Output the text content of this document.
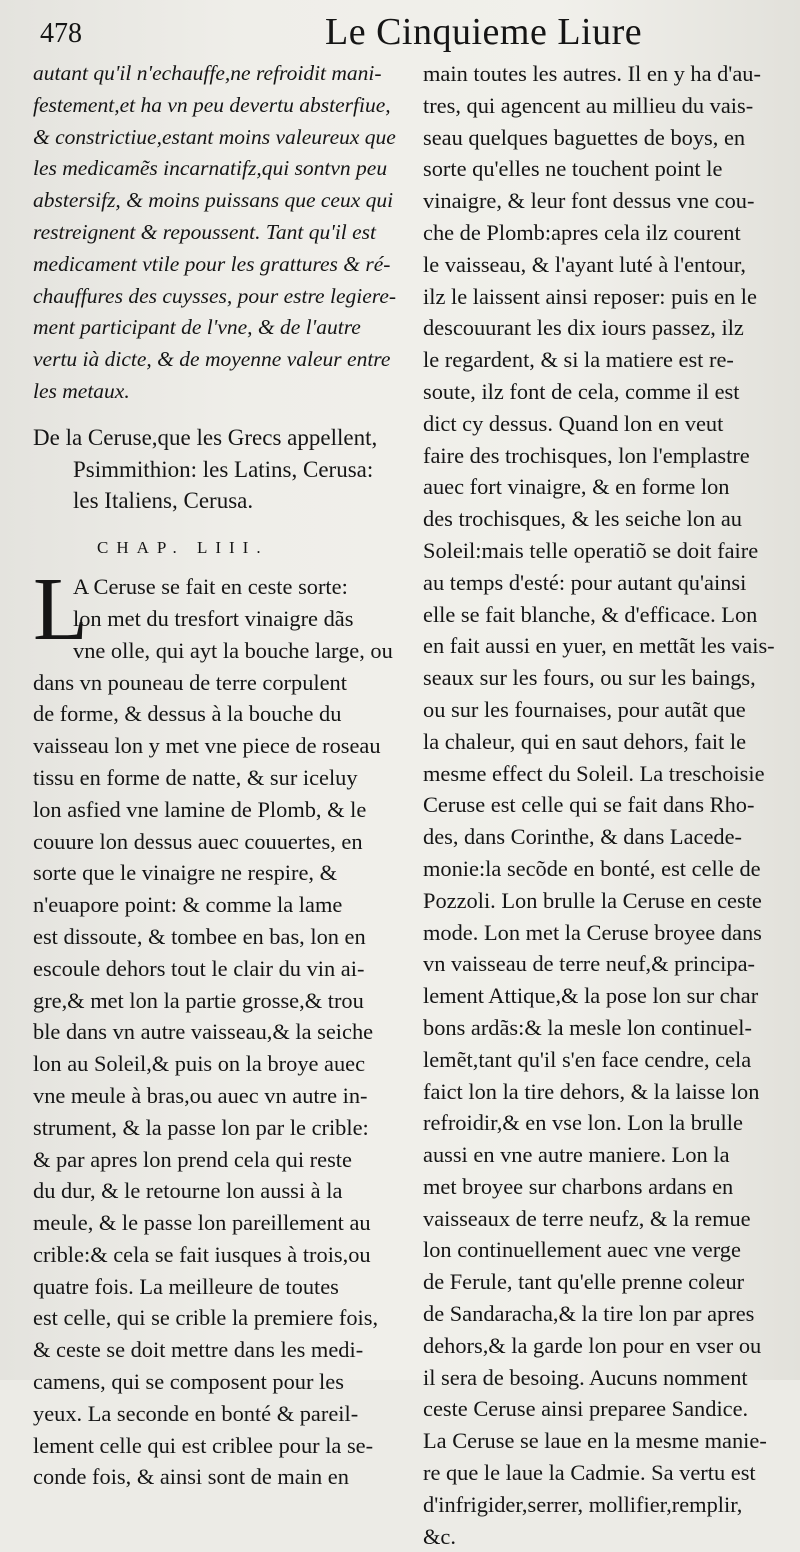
478	Le Cinquieme Liure
autant qu'il n'echauffe,ne refroidit mani-
festement,et ha vn peu devertu absterfiue,
& constrictiue,estant moins valeureux que
les medicamẽs incarnatifz,qui sontvn peu
abstersifz, & moins puissans que ceux qui
restreignent & repoussent. Tant qu'il est
medicament vtile pour les grattures & ré-
chauffures des cuysses, pour estre legiere-
ment participant de l'vne, & de l'autre
vertu ià dicte, & de moyenne valeur entre
les metaux.
De la Ceruse,que les Grecs appellent,
Psimmithion: les Latins, Cerusa:
les Italiens, Cerusa.
CHAP. LIII.
L
A Ceruse se fait en ceste sorte:
lon met du tresfort vinaigre dãs
vne olle, qui ayt la bouche large, ou
dans vn pouneau de terre corpulent
de forme, & dessus à la bouche du
vaisseau lon y met vne piece de roseau
tissu en forme de natte, & sur iceluy
lon asfied vne lamine de Plomb, & le
couure lon dessus auec couuertes, en
sorte que le vinaigre ne respire, &
n'euapore point: & comme la lame
est dissoute, & tombee en bas, lon en
escoule dehors tout le clair du vin ai-
gre,& met lon la partie grosse,& trou
ble dans vn autre vaisseau,& la seiche
lon au Soleil,& puis on la broye auec
vne meule à bras,ou auec vn autre in-
strument, & la passe lon par le crible:
& par apres lon prend cela qui reste
du dur, & le retourne lon aussi à la
meule, & le passe lon pareillement au
crible:& cela se fait iusques à trois,ou
quatre fois. La meilleure de toutes
est celle, qui se crible la premiere fois,
& ceste se doit mettre dans les medi-
camens, qui se composent pour les
yeux. La seconde en bonté & pareil-
lement celle qui est criblee pour la se-
conde fois, & ainsi sont de main en
main toutes les autres. Il en y ha d'au-
tres, qui agencent au millieu du vais-
seau quelques baguettes de boys, en
sorte qu'elles ne touchent point le
vinaigre, & leur font dessus vne cou-
che de Plomb:apres cela ilz courent
le vaisseau, & l'ayant luté à l'entour,
ilz le laissent ainsi reposer: puis en le
descouurant les dix iours passez, ilz
le regardent, & si la matiere est re-
soute, ilz font de cela, comme il est
dict cy dessus. Quand lon en veut
faire des trochisques, lon l'emplastre
auec fort vinaigre, & en forme lon
des trochisques, & les seiche lon au
Soleil:mais telle operatiõ se doit faire
au temps d'esté: pour autant qu'ainsi
elle se fait blanche, & d'efficace. Lon
en fait aussi en yuer, en mettãt les vais-
seaux sur les fours, ou sur les baings,
ou sur les fournaises, pour autãt que
la chaleur, qui en saut dehors, fait le
mesme effect du Soleil. La treschoisie
Ceruse est celle qui se fait dans Rho-
des, dans Corinthe, & dans Lacede-
monie:la secõde en bonté, est celle de
Pozzoli. Lon brulle la Ceruse en ceste
mode. Lon met la Ceruse broyee dans
vn vaisseau de terre neuf,& principa-
lement Attique,& la pose lon sur char
bons ardãs:& la mesle lon continuel-
lemẽt,tant qu'il s'en face cendre, cela
faict lon la tire dehors, & la laisse lon
refroidir,& en vse lon. Lon la brulle
aussi en vne autre maniere. Lon la
met broyee sur charbons ardans en
vaisseaux de terre neufz, & la remue
lon continuellement auec vne verge
de Ferule, tant qu'elle prenne coleur
de Sandaracha,& la tire lon par apres
dehors,& la garde lon pour en vser ou
il sera de besoing. Aucuns nomment
ceste Ceruse ainsi preparee Sandice.
La Ceruse se laue en la mesme manie-
re que le laue la Cadmie. Sa vertu est
d'infrigider,serrer, mollifier,remplir,
&c.
